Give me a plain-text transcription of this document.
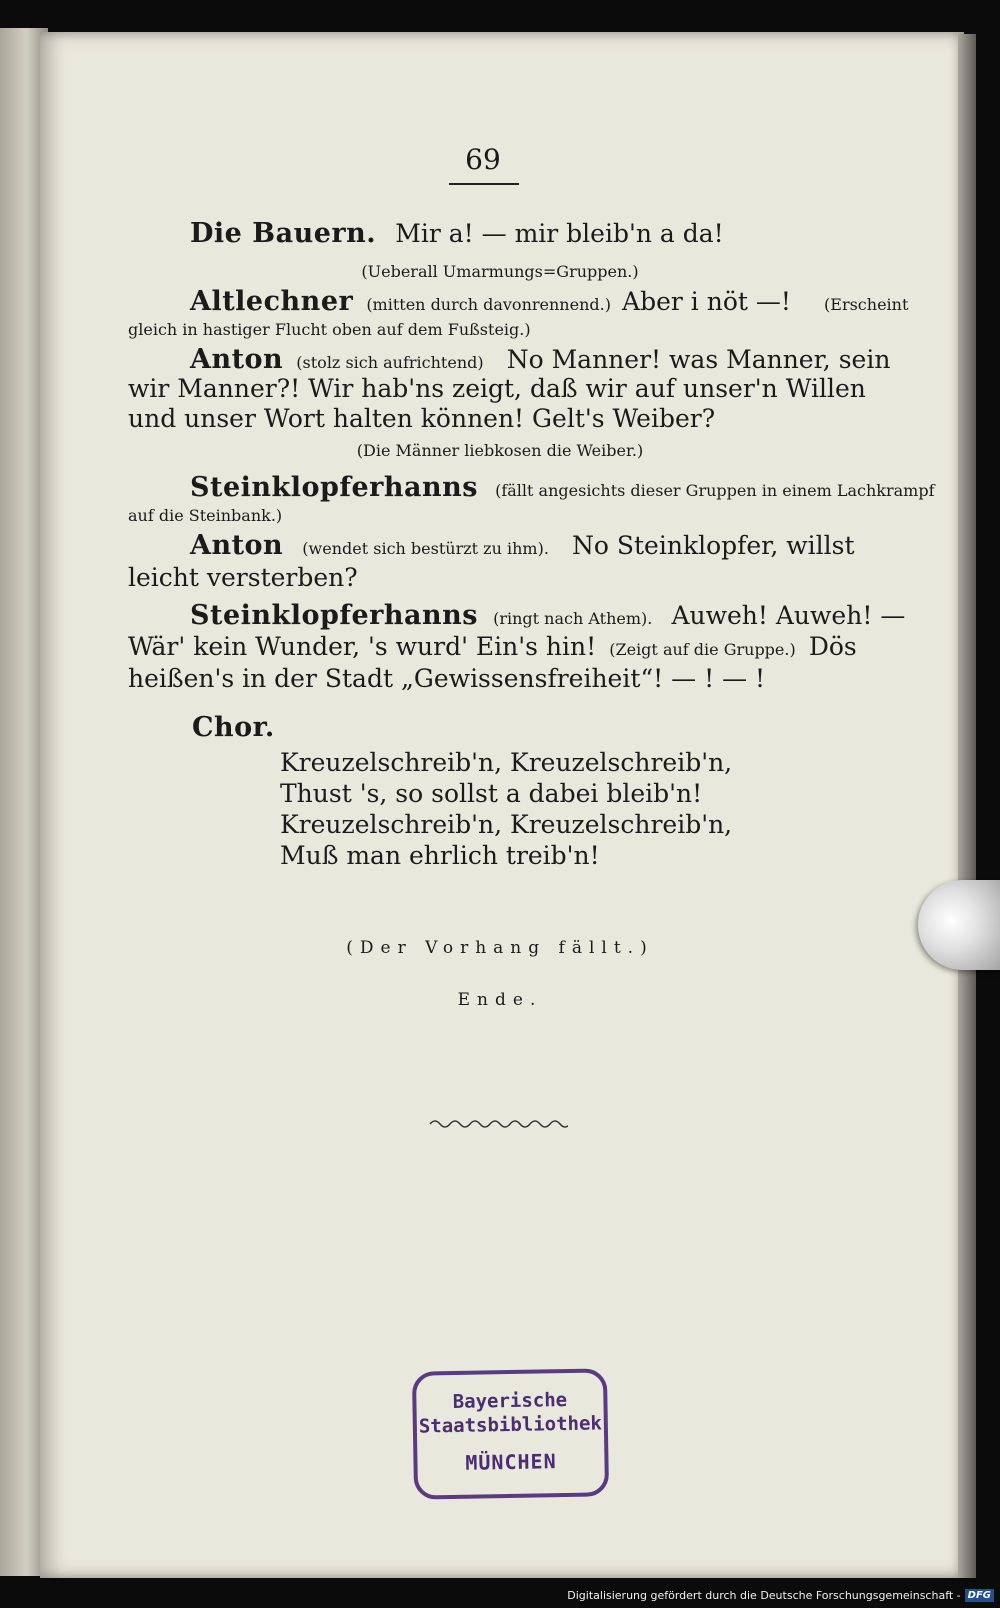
69
Die Bauern. Mir a! — mir bleib'n a da!
(Ueberall Umarmungs=Gruppen.)
Altlechner (mitten durch davonrennend.) Aber i nöt —! (Erscheint
gleich in hastiger Flucht oben auf dem Fußsteig.)
Anton (stolz sich aufrichtend) No Manner! was Manner, sein
wir Manner?! Wir hab'ns zeigt, daß wir auf unser'n Willen
und unser Wort halten können! Gelt's Weiber?
(Die Männer liebkosen die Weiber.)
Steinklopferhanns (fällt angesichts dieser Gruppen in einem Lachkrampf
auf die Steinbank.)
Anton (wendet sich bestürzt zu ihm). No Steinklopfer, willst
leicht versterben?
Steinklopferhanns (ringt nach Athem). Auweh! Auweh! —
Wär' kein Wunder, 's wurd' Ein's hin! (Zeigt auf die Gruppe.) Dös
heißen's in der Stadt „Gewissensfreiheit“! — ! — !
Chor.
Kreuzelschreib'n, Kreuzelschreib'n,
Thust 's, so sollst a dabei bleib'n!
Kreuzelschreib'n, Kreuzelschreib'n,
Muß man ehrlich treib'n!
(Der Vorhang fällt.)
Ende.
Bayerische
Staatsbibliothek
MÜNCHEN
Digitalisierung gefördert durch die Deutsche Forschungsgemeinschaft - DFG
